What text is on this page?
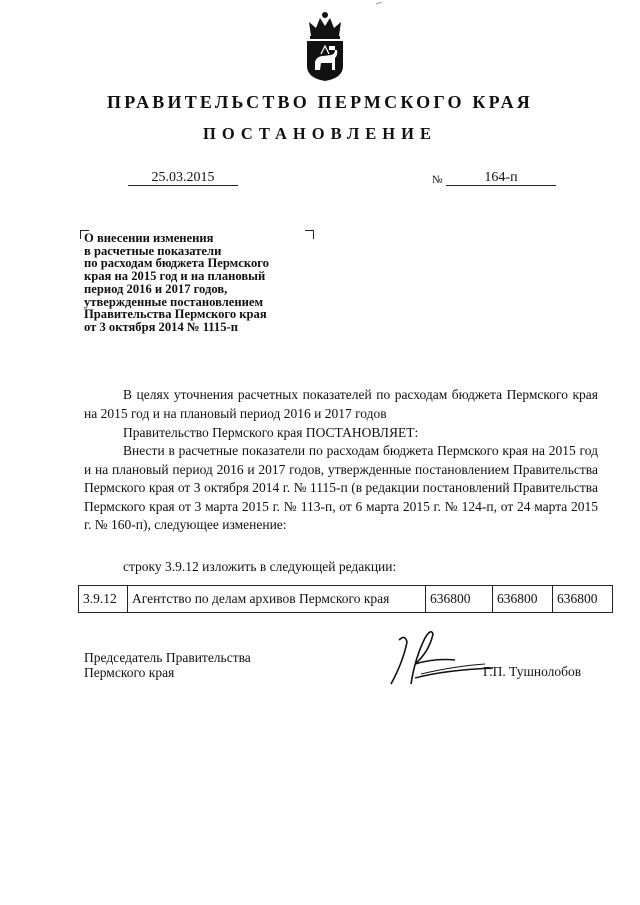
ПРАВИТЕЛЬСТВО ПЕРМСКОГО КРАЯ
ПОСТАНОВЛЕНИЕ
25.03.2015	№	164-п
О внесении изменения
в расчетные показатели
по расходам бюджета Пермского
края на 2015 год и на плановый
период 2016 и 2017 годов,
утвержденные постановлением
Правительства Пермского края
от 3 октября 2014 № 1115-п
В целях уточнения расчетных показателей по расходам бюджета Пермского края на 2015 год и на плановый период 2016 и 2017 годов
Правительство Пермского края ПОСТАНОВЛЯЕТ:
Внести в расчетные показатели по расходам бюджета Пермского края на 2015 год и на плановый период 2016 и 2017 годов, утвержденные постановлением Правительства Пермского края от 3 октября 2014 г. № 1115-п (в редакции постановлений Правительства Пермского края от 3 марта 2015 г. № 113-п, от 6 марта 2015 г. № 124-п, от 24 марта 2015 г. № 160-п), следующее изменение:
строку 3.9.12 изложить в следующей редакции:
3.9.12	Агентство по делам архивов Пермского края	636800	636800	636800
Председатель Правительства
Пермского края	Г.П. Тушнолобов
